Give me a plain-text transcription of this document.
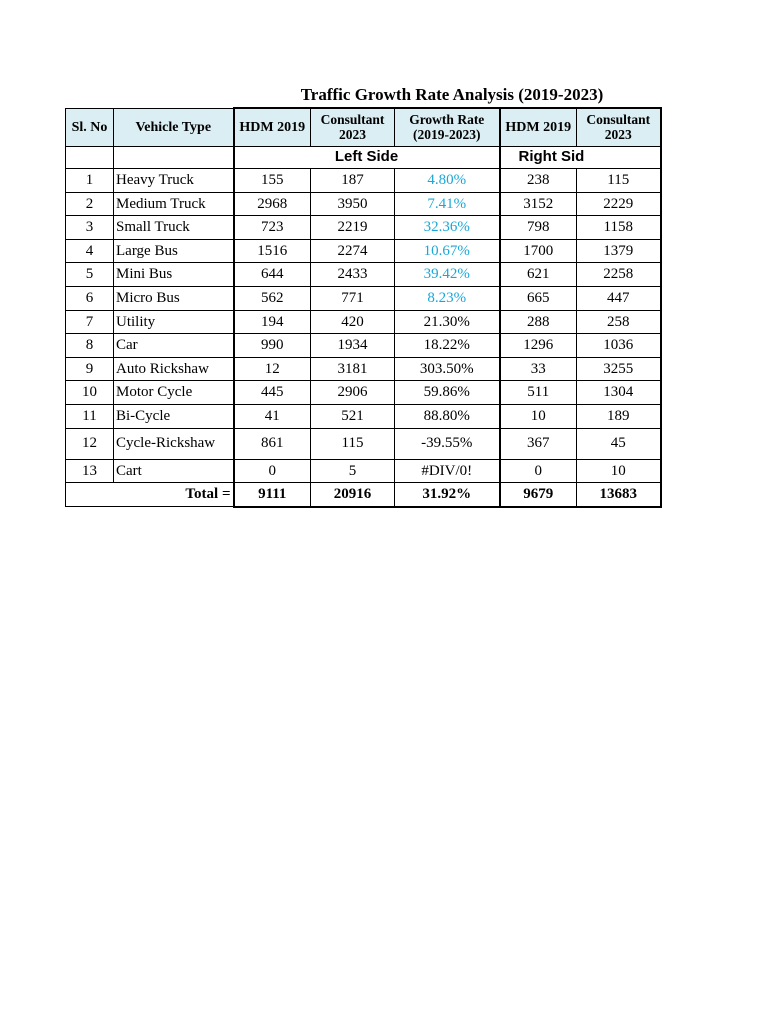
Traffic Growth Rate Analysis (2019-2023)
Sl. No	Vehicle Type	HDM 2019	Consultant 2023	Growth Rate (2019-2023)	HDM 2019	Consultant 2023
		Left Side			Right Sid	

1	Heavy Truck	155	187	4.80%	238	115
2	Medium Truck	2968	3950	7.41%	3152	2229
3	Small Truck	723	2219	32.36%	798	1158
4	Large Bus	1516	2274	10.67%	1700	1379
5	Mini Bus	644	2433	39.42%	621	2258
6	Micro Bus	562	771	8.23%	665	447
7	Utility	194	420	21.30%	288	258
8	Car	990	1934	18.22%	1296	1036
9	Auto Rickshaw	12	3181	303.50%	33	3255
10	Motor Cycle	445	2906	59.86%	511	1304
11	Bi-Cycle	41	521	88.80%	10	189
12	Cycle-Rickshaw	861	115	-39.55%	367	45
13	Cart	0	5	#DIV/0!	0	10
Total =		9111	20916	31.92%	9679	13683
